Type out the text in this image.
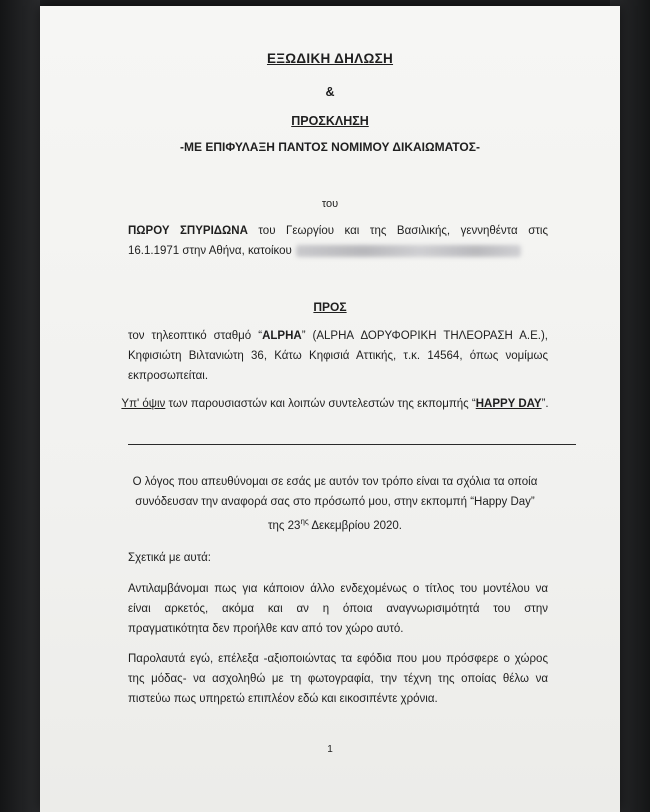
ΕΞΩΔΙΚΗ ΔΗΛΩΣΗ
&
ΠΡΟΣΚΛΗΣΗ
-ΜΕ ΕΠΙΦΥΛΑΞΗ ΠΑΝΤΟΣ ΝΟΜΙΜΟΥ ΔΙΚΑΙΩΜΑΤΟΣ-
του
ΠΩΡΟΥ ΣΠΥΡΙΔΩΝΑ του Γεωργίου και της Βασιλικής, γεννηθέντα στις
16.1.1971 στην Αθήνα, κατοίκου
ΠΡΟΣ
τον τηλεοπτικό σταθμό “ALPHA” (ALPHA ΔΟΡΥΦΟΡΙΚΗ ΤΗΛΕΟΡΑΣΗ Α.Ε.),
Κηφισιώτη Βιλτανιώτη 36, Κάτω Κηφισιά Αττικής, τ.κ. 14564, όπως νομίμως
εκπροσωπείται.
Υπ' όψιν των παρουσιαστών και λοιπών συντελεστών της εκπομπής “HAPPY DAY”.
Ο λόγος που απευθύνομαι σε εσάς με αυτόν τον τρόπο είναι τα σχόλια τα οποία
συνόδευσαν την αναφορά σας στο πρόσωπό μου, στην εκπομπή “Happy Day”
της $23^{\eta\varsigma}$ Δεκεμβρίου 2020.
Σχετικά με αυτά:
Αντιλαμβάνομαι πως για κάποιον άλλο ενδεχομένως ο τίτλος του μοντέλου να
είναι αρκετός, ακόμα και αν η όποια αναγνωρισιμότητά του στην
πραγματικότητα δεν προήλθε καν από τον χώρο αυτό.
Παρολαυτά εγώ, επέλεξα -αξιοποιώντας τα εφόδια που μου πρόσφερε ο χώρος
της μόδας- να ασχοληθώ με τη φωτογραφία, την τέχνη της οποίας θέλω να
πιστεύω πως υπηρετώ επιπλέον εδώ και εικοσιπέντε χρόνια.
1
